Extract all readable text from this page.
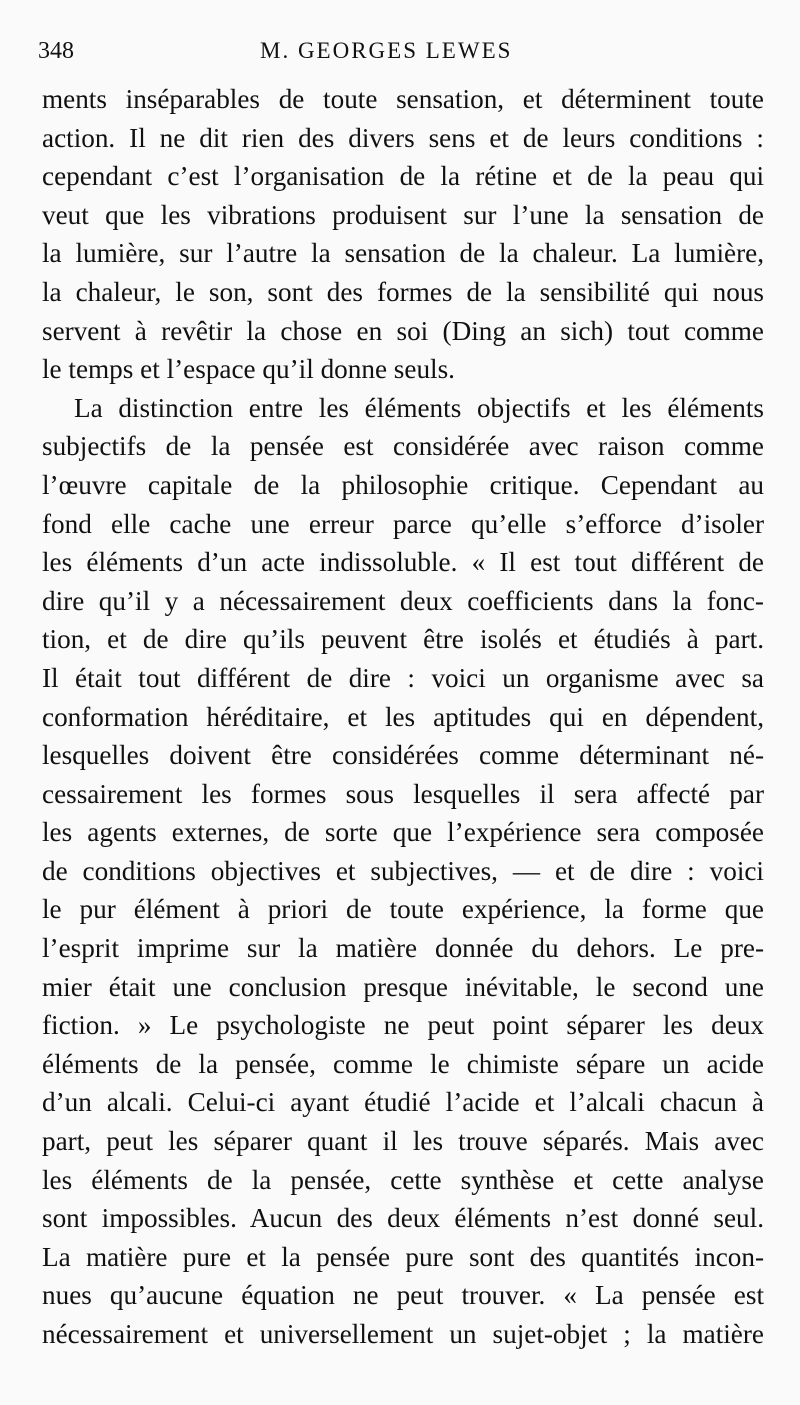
348	M. GEORGES LEWES
ments inséparables de toute sensation, et déterminent toute
action. Il ne dit rien des divers sens et de leurs conditions :
cependant c’est l’organisation de la rétine et de la peau qui
veut que les vibrations produisent sur l’une la sensation de
la lumière, sur l’autre la sensation de la chaleur. La lumière,
la chaleur, le son, sont des formes de la sensibilité qui nous
servent à revêtir la chose en soi (Ding an sich) tout comme
le temps et l’espace qu’il donne seuls.
La distinction entre les éléments objectifs et les éléments
subjectifs de la pensée est considérée avec raison comme
l’œuvre capitale de la philosophie critique. Cependant au
fond elle cache une erreur parce qu’elle s’efforce d’isoler
les éléments d’un acte indissoluble. « Il est tout différent de
dire qu’il y a nécessairement deux coefficients dans la fonc-
tion, et de dire qu’ils peuvent être isolés et étudiés à part.
Il était tout différent de dire : voici un organisme avec sa
conformation héréditaire, et les aptitudes qui en dépendent,
lesquelles doivent être considérées comme déterminant né-
cessairement les formes sous lesquelles il sera affecté par
les agents externes, de sorte que l’expérience sera composée
de conditions objectives et subjectives, — et de dire : voici
le pur élément à priori de toute expérience, la forme que
l’esprit imprime sur la matière donnée du dehors. Le pre-
mier était une conclusion presque inévitable, le second une
fiction. » Le psychologiste ne peut point séparer les deux
éléments de la pensée, comme le chimiste sépare un acide
d’un alcali. Celui-ci ayant étudié l’acide et l’alcali chacun à
part, peut les séparer quant il les trouve séparés. Mais avec
les éléments de la pensée, cette synthèse et cette analyse
sont impossibles. Aucun des deux éléments n’est donné seul.
La matière pure et la pensée pure sont des quantités incon-
nues qu’aucune équation ne peut trouver. « La pensée est
nécessairement et universellement un sujet-objet ; la matière
